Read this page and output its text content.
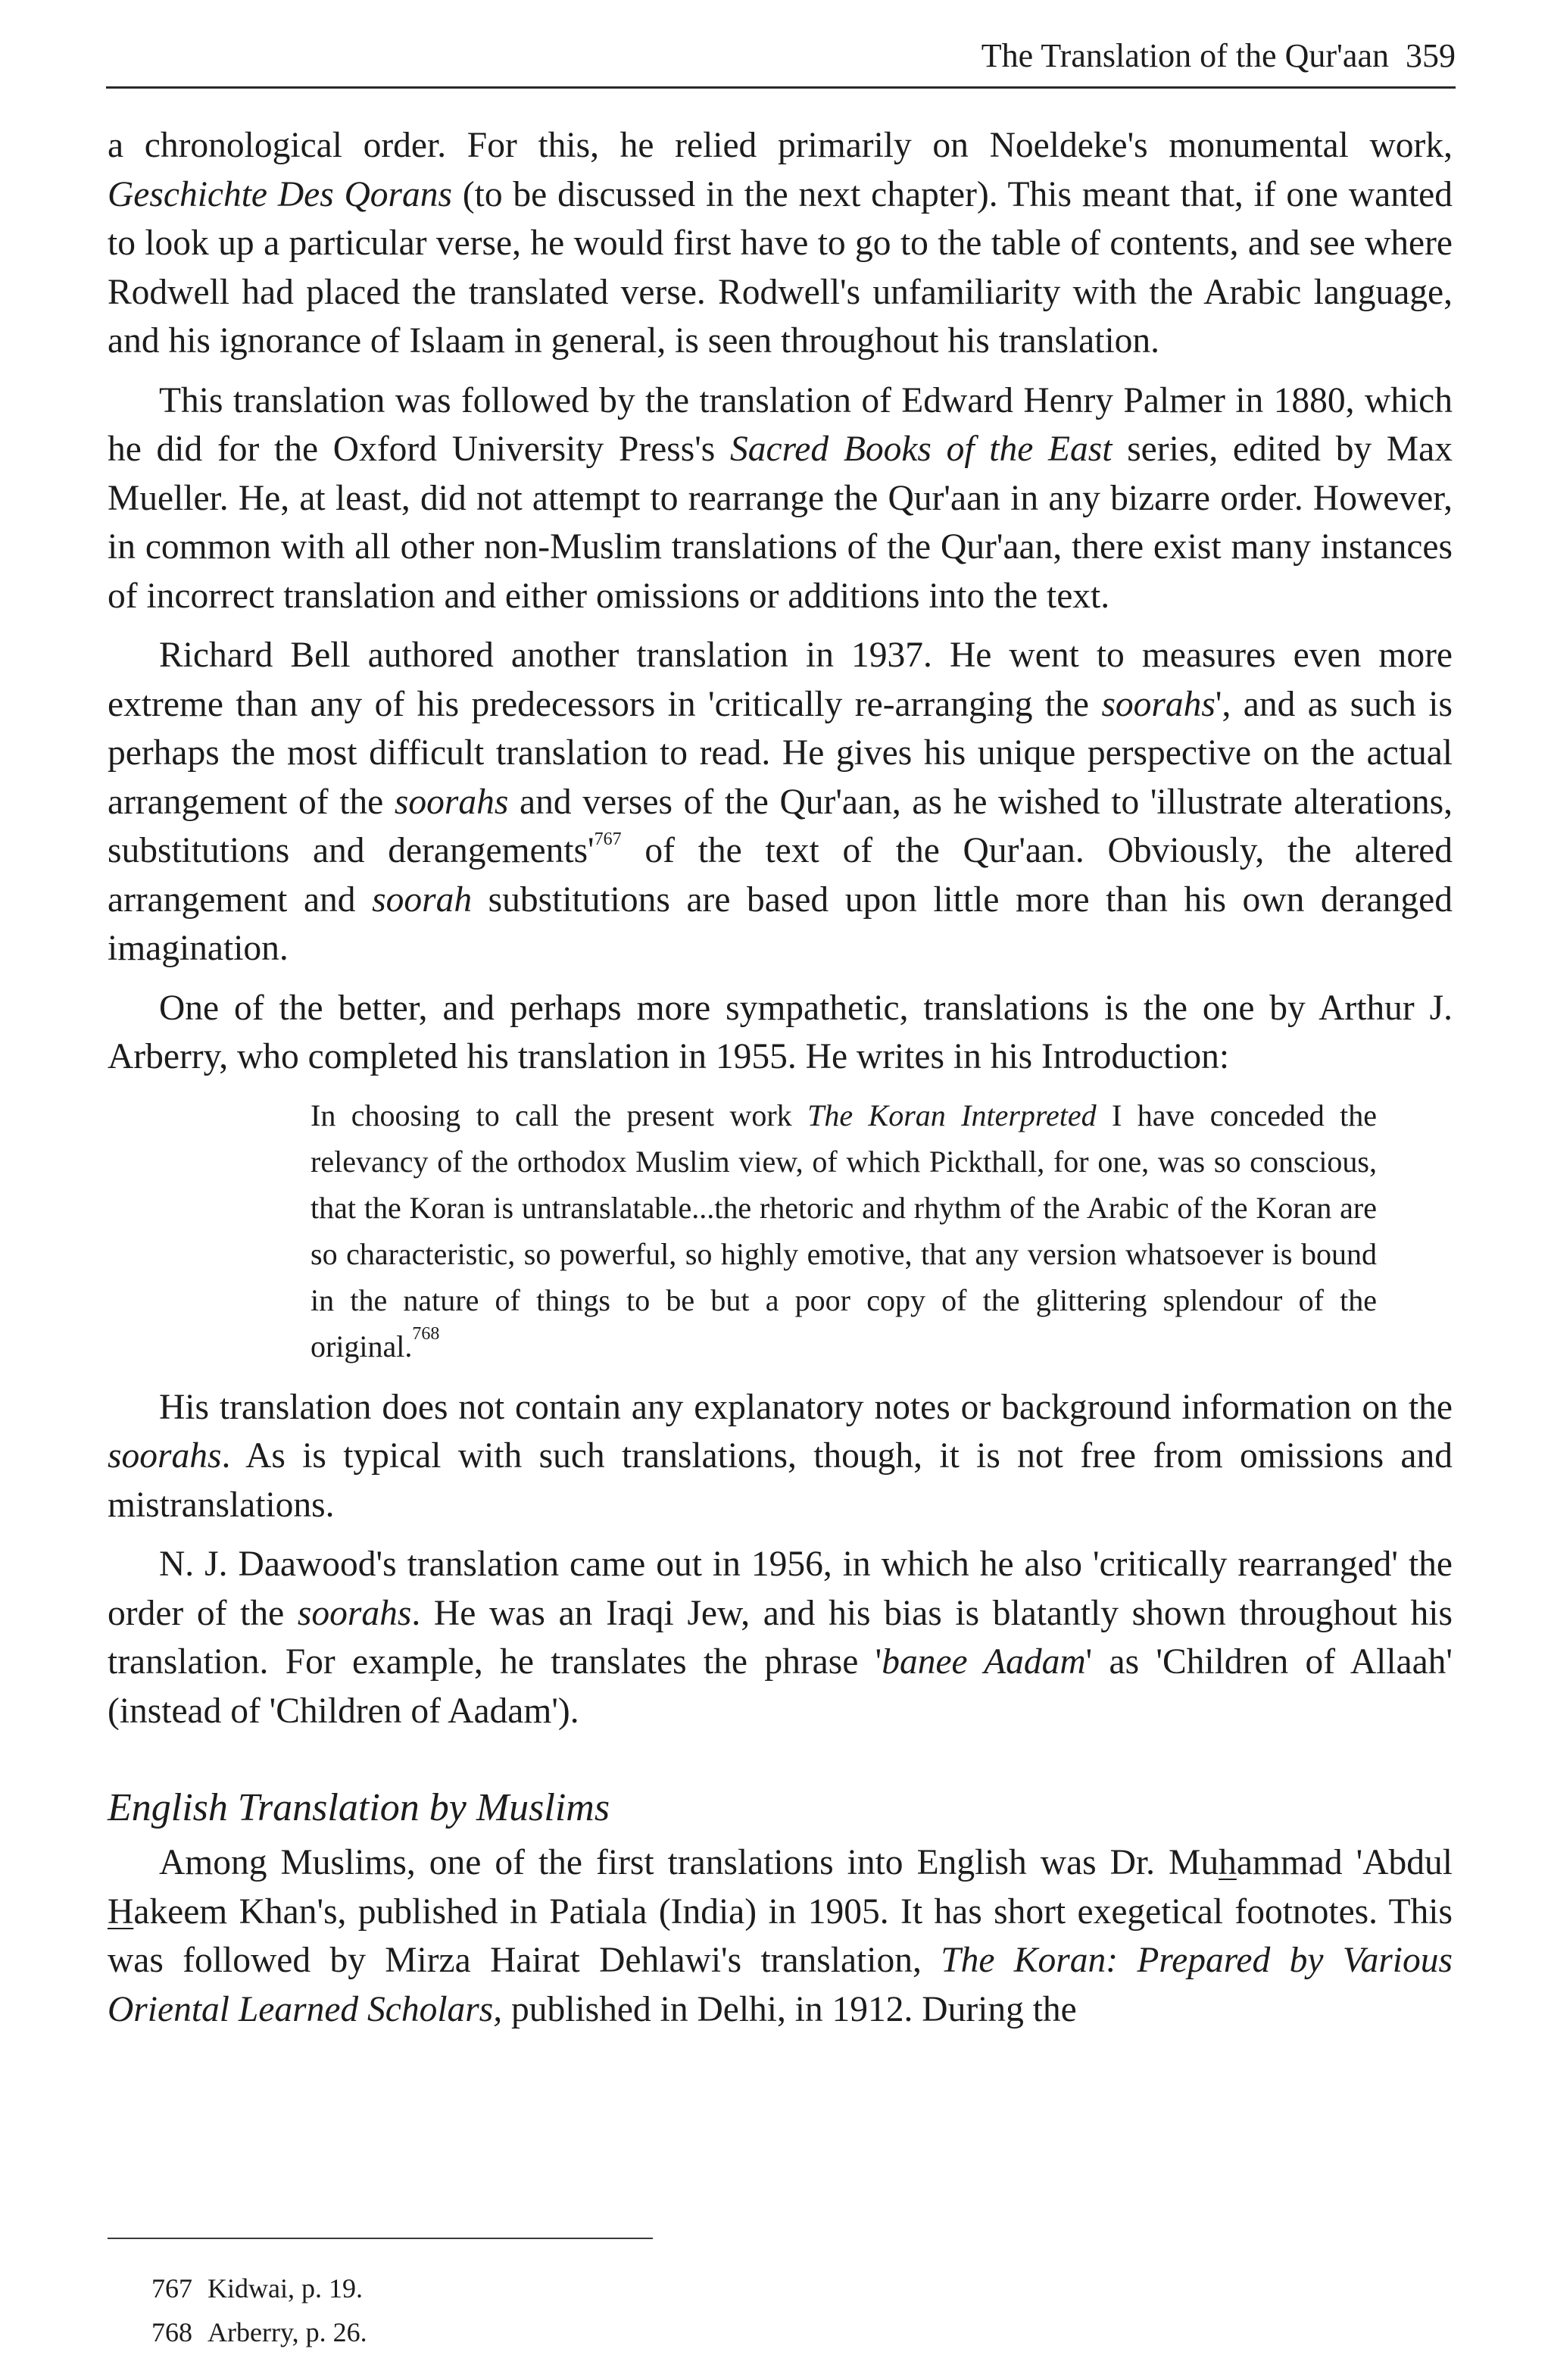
The Translation of the Qur'aan 359

a chronological order. For this, he relied primarily on Noeldeke's monumental work, Geschichte Des Qorans (to be discussed in the next chapter). This meant that, if one wanted to look up a particular verse, he would first have to go to the table of contents, and see where Rodwell had placed the translated verse. Rodwell's unfamiliarity with the Arabic language, and his ignorance of Islaam in general, is seen throughout his translation.

This translation was followed by the translation of Edward Henry Palmer in 1880, which he did for the Oxford University Press's Sacred Books of the East series, edited by Max Mueller. He, at least, did not attempt to rearrange the Qur'aan in any bizarre order. However, in common with all other non-Muslim translations of the Qur'aan, there exist many instances of incorrect translation and either omissions or additions into the text.

Richard Bell authored another translation in 1937. He went to measures even more extreme than any of his predecessors in 'critically re-arranging the soorahs', and as such is perhaps the most difficult translation to read. He gives his unique perspective on the actual arrangement of the soorahs and verses of the Qur'aan, as he wished to 'illustrate alterations, substitutions and $derangements'^{767}$ of the text of the Qur'aan. Obviously, the altered arrangement and soorah substitutions are based upon little more than his own deranged imagination.

One of the better, and perhaps more sympathetic, translations is the one by Arthur J. Arberry, who completed his translation in 1955. He writes in his Introduction:

In choosing to call the present work The Koran Interpreted I have conceded the relevancy of the orthodox Muslim view, of which Pickthall, for one, was so conscious, that the Koran is untranslatable...the rhetoric and rhythm of the Arabic of the Koran are so characteristic, so powerful, so highly emotive, that any version whatsoever is bound in the nature of things to be but a poor copy of the glittering splendour of the original.$^{768}$

His translation does not contain any explanatory notes or background information on the soorahs. As is typical with such translations, though, it is not free from omissions and mistranslations.

N. J. Daawood's translation came out in 1956, in which he also 'critically rearranged' the order of the soorahs. He was an Iraqi Jew, and his bias is blatantly shown throughout his translation. For example, he translates the phrase 'banee Aadam' as 'Children of Allaah' (instead of 'Children of Aadam').

English Translation by Muslims

Among Muslims, one of the first translations into English was Dr. Muhammad 'Abdul Hakeem Khan's, published in Patiala (India) in 1905. It has short exegetical footnotes. This was followed by Mirza Hairat Dehlawi's translation, The Koran: Prepared by Various Oriental Learned Scholars, published in Delhi, in 1912. During the

767 Kidwai, p. 19.
768 Arberry, p. 26.
